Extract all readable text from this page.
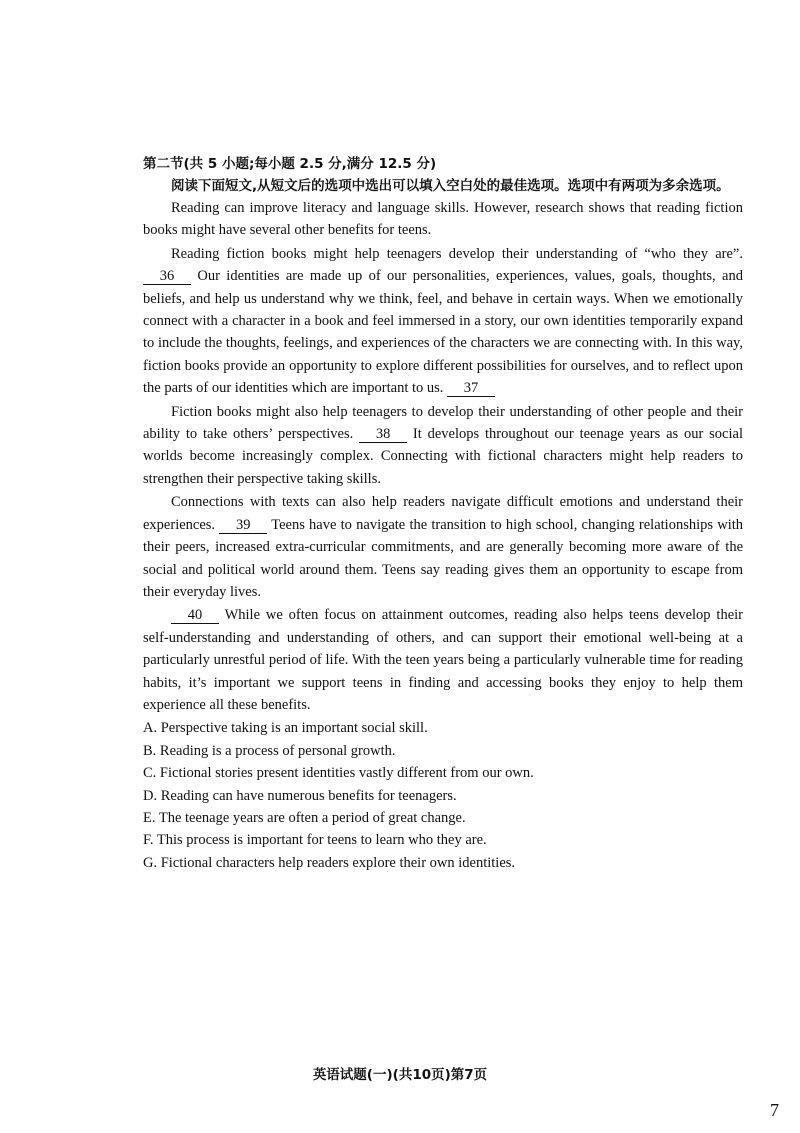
第二节(共 5 小题;每小题 2.5 分,满分 12.5 分)
阅读下面短文,从短文后的选项中选出可以填入空白处的最佳选项。选项中有两项为多余选项。

Reading can improve literacy and language skills. However, research shows that reading fiction books might have several other benefits for teens.

Reading fiction books might help teenagers develop their understanding of “who they are”. 36 Our identities are made up of our personalities, experiences, values, goals, thoughts, and beliefs, and help us understand why we think, feel, and behave in certain ways. When we emotionally connect with a character in a book and feel immersed in a story, our own identities temporarily expand to include the thoughts, feelings, and experiences of the characters we are connecting with. In this way, fiction books provide an opportunity to explore different possibilities for ourselves, and to reflect upon the parts of our identities which are important to us. 37

Fiction books might also help teenagers to develop their understanding of other people and their ability to take others’ perspectives. 38 It develops throughout our teenage years as our social worlds become increasingly complex. Connecting with fictional characters might help readers to strengthen their perspective taking skills.

Connections with texts can also help readers navigate difficult emotions and understand their experiences. 39 Teens have to navigate the transition to high school, changing relationships with their peers, increased extra-curricular commitments, and are generally becoming more aware of the social and political world around them. Teens say reading gives them an opportunity to escape from their everyday lives.

40 While we often focus on attainment outcomes, reading also helps teens develop their self-understanding and understanding of others, and can support their emotional well-being at a particularly unrestful period of life. With the teen years being a particularly vulnerable time for reading habits, it’s important we support teens in finding and accessing books they enjoy to help them experience all these benefits.

A. Perspective taking is an important social skill.

B. Reading is a process of personal growth.

C. Fictional stories present identities vastly different from our own.

D. Reading can have numerous benefits for teenagers.

E. The teenage years are often a period of great change.

F. This process is important for teens to learn who they are.

G. Fictional characters help readers explore their own identities.

英语试题(一)(共10页)第7页
7
